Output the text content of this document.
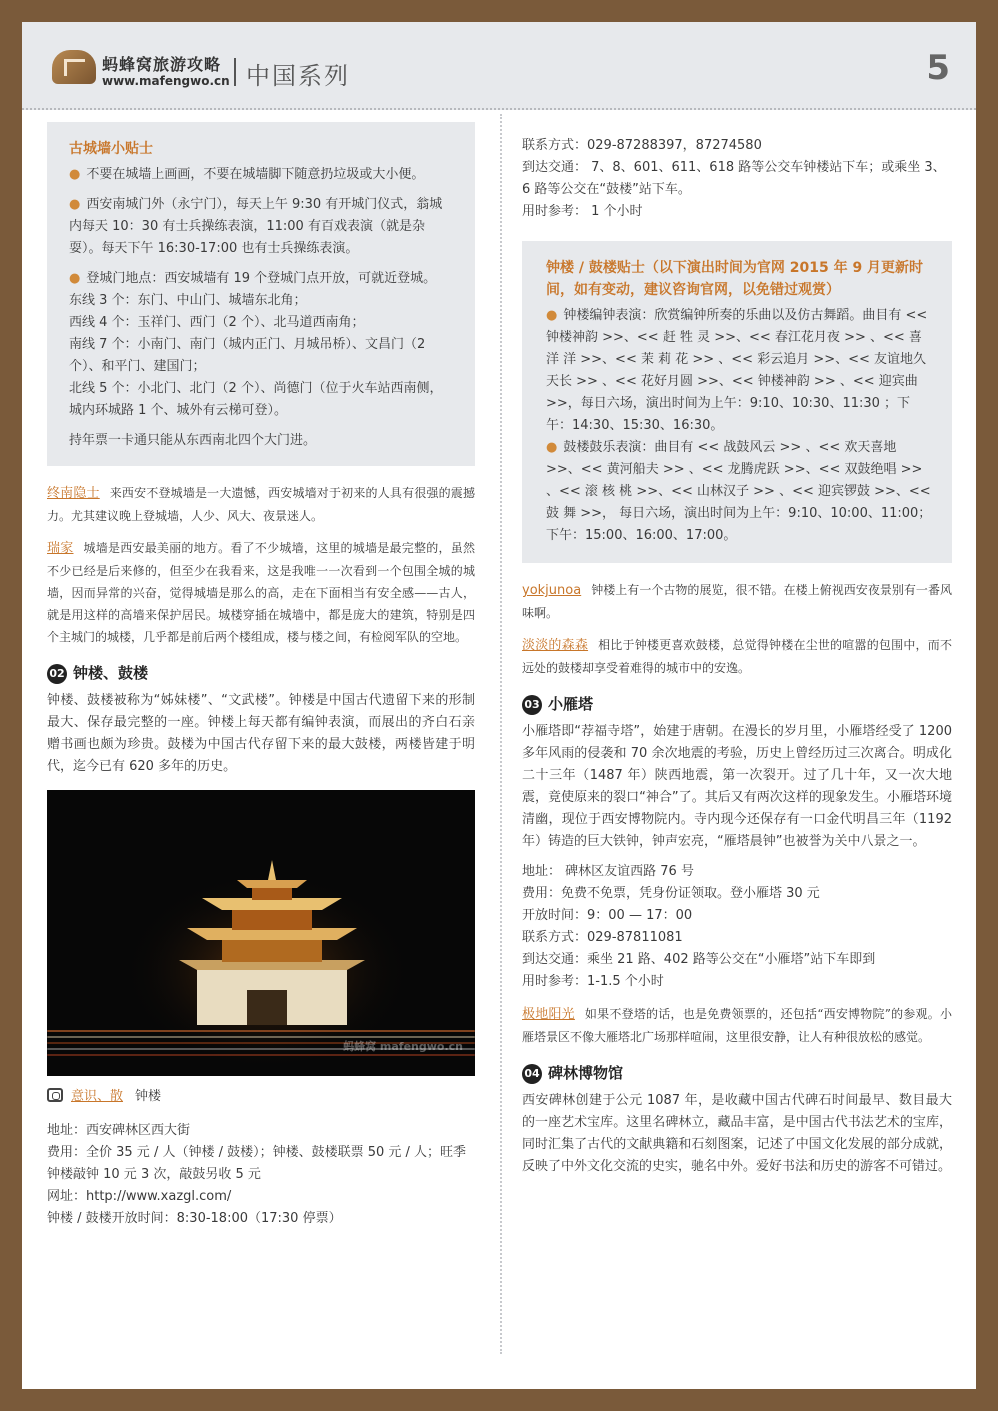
蚂蜂窝旅游攻略
www.mafengwo.cn 中国系列	5
古城墙小贴士

● 不要在城墙上画画，不要在城墙脚下随意扔垃圾或大小便。

● 西安南城门外（永宁门），每天上午 9:30 有开城门仪式，翁城内每天 10：30 有士兵操练表演，11:00 有百戏表演（就是杂耍）。每天下午 16:30-17:00 也有士兵操练表演。

● 登城门地点：西安城墙有 19 个登城门点开放，可就近登城。

东线 3 个：东门、中山门、城墙东北角；
西线 4 个：玉祥门、西门（2 个）、北马道西南角；
南线 7 个：小南门、南门（城内正门、月城吊桥）、文昌门（2 个）、和平门、建国门；

北线 5 个：小北门、北门（2 个）、尚德门（位于火车站西南侧，城内环城路 1 个、城外有云梯可登）。

持年票一卡通只能从东西南北四个大门进。

终南隐士 来西安不登城墙是一大遗憾，西安城墙对于初来的人具有很强的震撼力。尤其建议晚上登城墙，人少、风大、夜景迷人。
瑞家 城墙是西安最美丽的地方。看了不少城墙，这里的城墙是最完整的，虽然不少已经是后来修的，但至少在我看来，这是我唯一一次看到一个包围全城的城墙，因而异常的兴奋，觉得城墙是那么的高，走在下面相当有安全感——古人，就是用这样的高墙来保护居民。城楼穿插在城墙中，都是庞大的建筑，特别是四个主城门的城楼，几乎都是前后两个楼组成，楼与楼之间，有检阅军队的空地。
02 钟楼、鼓楼

钟楼、鼓楼被称为“姊妹楼”、“文武楼”。钟楼是中国古代遗留下来的形制最大、保存最完整的一座。钟楼上每天都有编钟表演，而展出的齐白石亲赠书画也颇为珍贵。鼓楼为中国古代存留下来的最大鼓楼，两楼皆建于明代，迄今已有 620 多年的历史。

蚂蜂窝 mafengwo.cn
意识、散 钟楼
地址：西安碑林区西大街
费用：全价 35 元 / 人（钟楼 / 鼓楼）；钟楼、鼓楼联票 50 元 / 人；旺季钟楼敲钟 10 元 3 次，敲鼓另收 5 元
网址：http://www.xazgl.com/
钟楼 / 鼓楼开放时间：8:30-18:00（17:30 停票）
联系方式：029-87288397，87274580
到达交通： 7、8、601、611、618 路等公交车钟楼站下车；或乘坐 3、6 路等公交在“鼓楼”站下车。
用时参考： 1 个小时
钟楼 / 鼓楼贴士（以下演出时间为官网 2015 年 9 月更新时间，如有变动，建议咨询官网，以免错过观赏）
● 钟楼编钟表演：欣赏编钟所奏的乐曲以及仿古舞蹈。曲目有 << 钟楼神韵 >>、<< 赶 牲 灵 >>、<< 春江花月夜 >> 、<< 喜 洋 洋 >>、<< 茉 莉 花 >> 、<< 彩云追月 >>、<< 友谊地久天长 >> 、<< 花好月圆 >>、<< 钟楼神韵 >> 、<< 迎宾曲 >>，每日六场，演出时间为上午：9:10、10:30、11:30 ；下午：14:30、15:30、16:30。
● 鼓楼鼓乐表演：曲目有 << 战鼓风云 >> 、<< 欢天喜地 >>、<< 黄河船夫 >> 、<< 龙腾虎跃 >>、<< 双鼓绝唱 >> 、<< 滚 核 桃 >>、<< 山林汉子 >> 、<< 迎宾锣鼓 >>、<< 鼓 舞 >>， 每日六场，演出时间为上午：9:10、10:00、11:00；下午：15:00、16:00、17:00。
yokjunoa 钟楼上有一个古物的展览，很不错。在楼上俯视西安夜景别有一番风味啊。
淡淡的森森 相比于钟楼更喜欢鼓楼，总觉得钟楼在尘世的喧嚣的包围中，而不远处的鼓楼却享受着难得的城市中的安逸。
03 小雁塔

小雁塔即“荐福寺塔”，始建于唐朝。在漫长的岁月里，小雁塔经受了 1200 多年风雨的侵袭和 70 余次地震的考验，历史上曾经历过三次离合。明成化二十三年（1487 年）陕西地震，第一次裂开。过了几十年，又一次大地震，竟使原来的裂口“神合”了。其后又有两次这样的现象发生。小雁塔环境清幽，现位于西安博物院内。寺内现今还保存有一口金代明昌三年（1192 年）铸造的巨大铁钟，钟声宏亮，“雁塔晨钟”也被誉为关中八景之一。

地址： 碑林区友谊西路 76 号
费用：免费不免票，凭身份证领取。登小雁塔 30 元
开放时间：9：00 — 17：00
联系方式：029-87811081
到达交通：乘坐 21 路、402 路等公交在“小雁塔”站下车即到
用时参考：1-1.5 个小时
极地阳光 如果不登塔的话，也是免费领票的，还包括“西安博物院”的参观。小雁塔景区不像大雁塔北广场那样喧闹，这里很安静，让人有种很放松的感觉。
04 碑林博物馆

西安碑林创建于公元 1087 年，是收藏中国古代碑石时间最早、数目最大的一座艺术宝库。这里名碑林立，藏品丰富，是中国古代书法艺术的宝库，同时汇集了古代的文献典籍和石刻图案，记述了中国文化发展的部分成就，反映了中外文化交流的史实，驰名中外。爱好书法和历史的游客不可错过。
